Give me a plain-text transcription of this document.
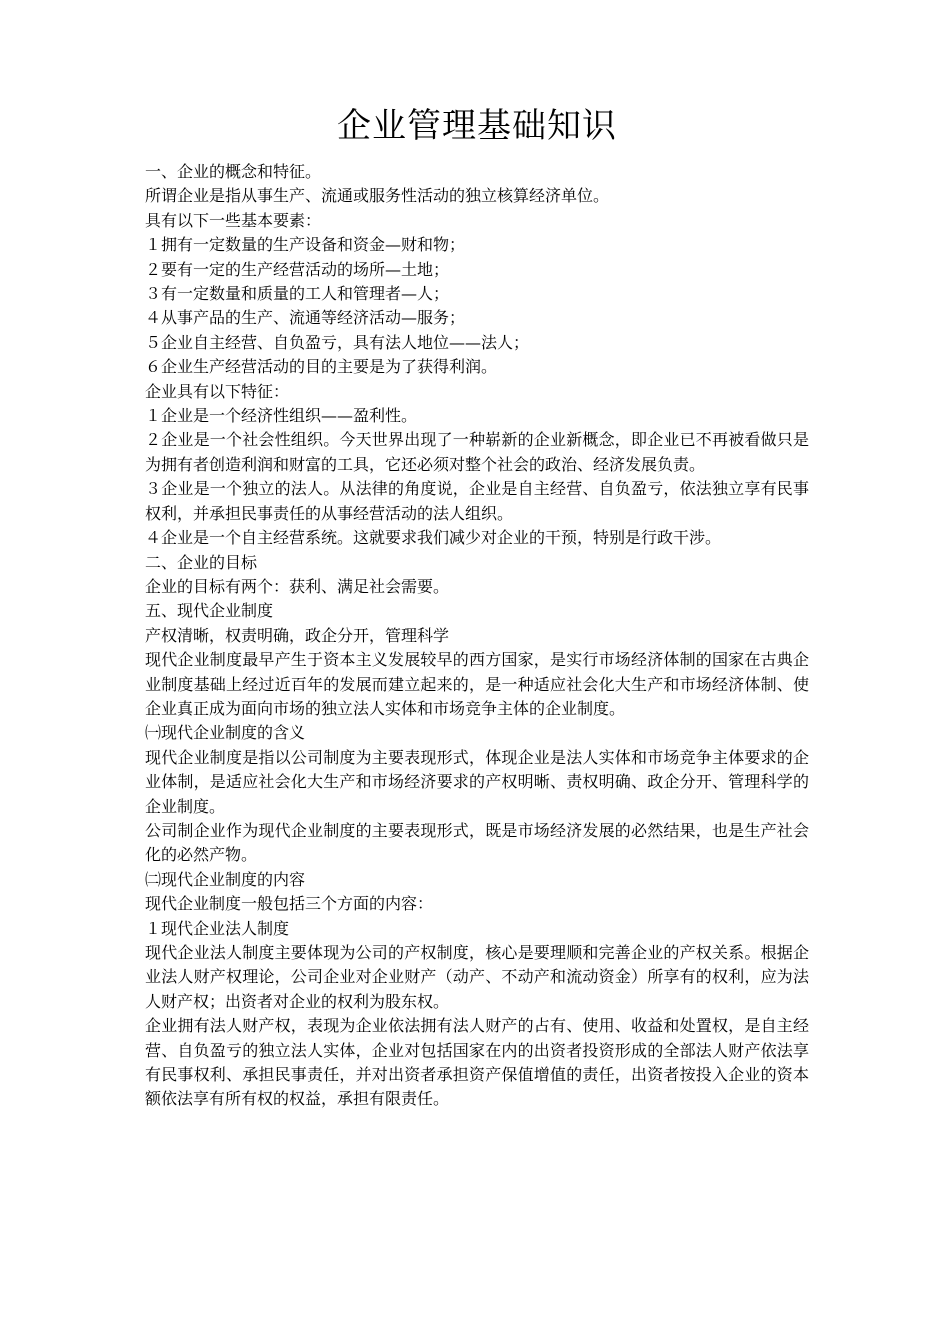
企业管理基础知识

一、企业的概念和特征。

所谓企业是指从事生产、流通或服务性活动的独立核算经济单位。

具有以下一些基本要素：

１拥有一定数量的生产设备和资金—财和物；

２要有一定的生产经营活动的场所—土地；

３有一定数量和质量的工人和管理者—人；

４从事产品的生产、流通等经济活动—服务；

５企业自主经营、自负盈亏，具有法人地位——法人；

６企业生产经营活动的目的主要是为了获得利润。

企业具有以下特征：

１企业是一个经济性组织——盈利性。

２企业是一个社会性组织。今天世界出现了一种崭新的企业新概念，即企业已不再被看做只是为拥有者创造利润和财富的工具，它还必须对整个社会的政治、经济发展负责。

３企业是一个独立的法人。从法律的角度说，企业是自主经营、自负盈亏，依法独立享有民事权利，并承担民事责任的从事经营活动的法人组织。

４企业是一个自主经营系统。这就要求我们减少对企业的干预，特别是行政干涉。

二、企业的目标

企业的目标有两个：获利、满足社会需要。

五、现代企业制度

产权清晰，权责明确，政企分开，管理科学

现代企业制度最早产生于资本主义发展较早的西方国家，是实行市场经济体制的国家在古典企业制度基础上经过近百年的发展而建立起来的，是一种适应社会化大生产和市场经济体制、使企业真正成为面向市场的独立法人实体和市场竞争主体的企业制度。

㈠现代企业制度的含义

现代企业制度是指以公司制度为主要表现形式，体现企业是法人实体和市场竞争主体要求的企业体制，是适应社会化大生产和市场经济要求的产权明晰、责权明确、政企分开、管理科学的企业制度。

公司制企业作为现代企业制度的主要表现形式，既是市场经济发展的必然结果，也是生产社会化的必然产物。

㈡现代企业制度的内容

现代企业制度一般包括三个方面的内容：

１现代企业法人制度

现代企业法人制度主要体现为公司的产权制度，核心是要理顺和完善企业的产权关系。根据企业法人财产权理论，公司企业对企业财产（动产、不动产和流动资金）所享有的权利，应为法人财产权；出资者对企业的权利为股东权。

企业拥有法人财产权，表现为企业依法拥有法人财产的占有、使用、收益和处置权，是自主经营、自负盈亏的独立法人实体，企业对包括国家在内的出资者投资形成的全部法人财产依法享有民事权利、承担民事责任，并对出资者承担资产保值增值的责任，出资者按投入企业的资本额依法享有所有权的权益，承担有限责任。
